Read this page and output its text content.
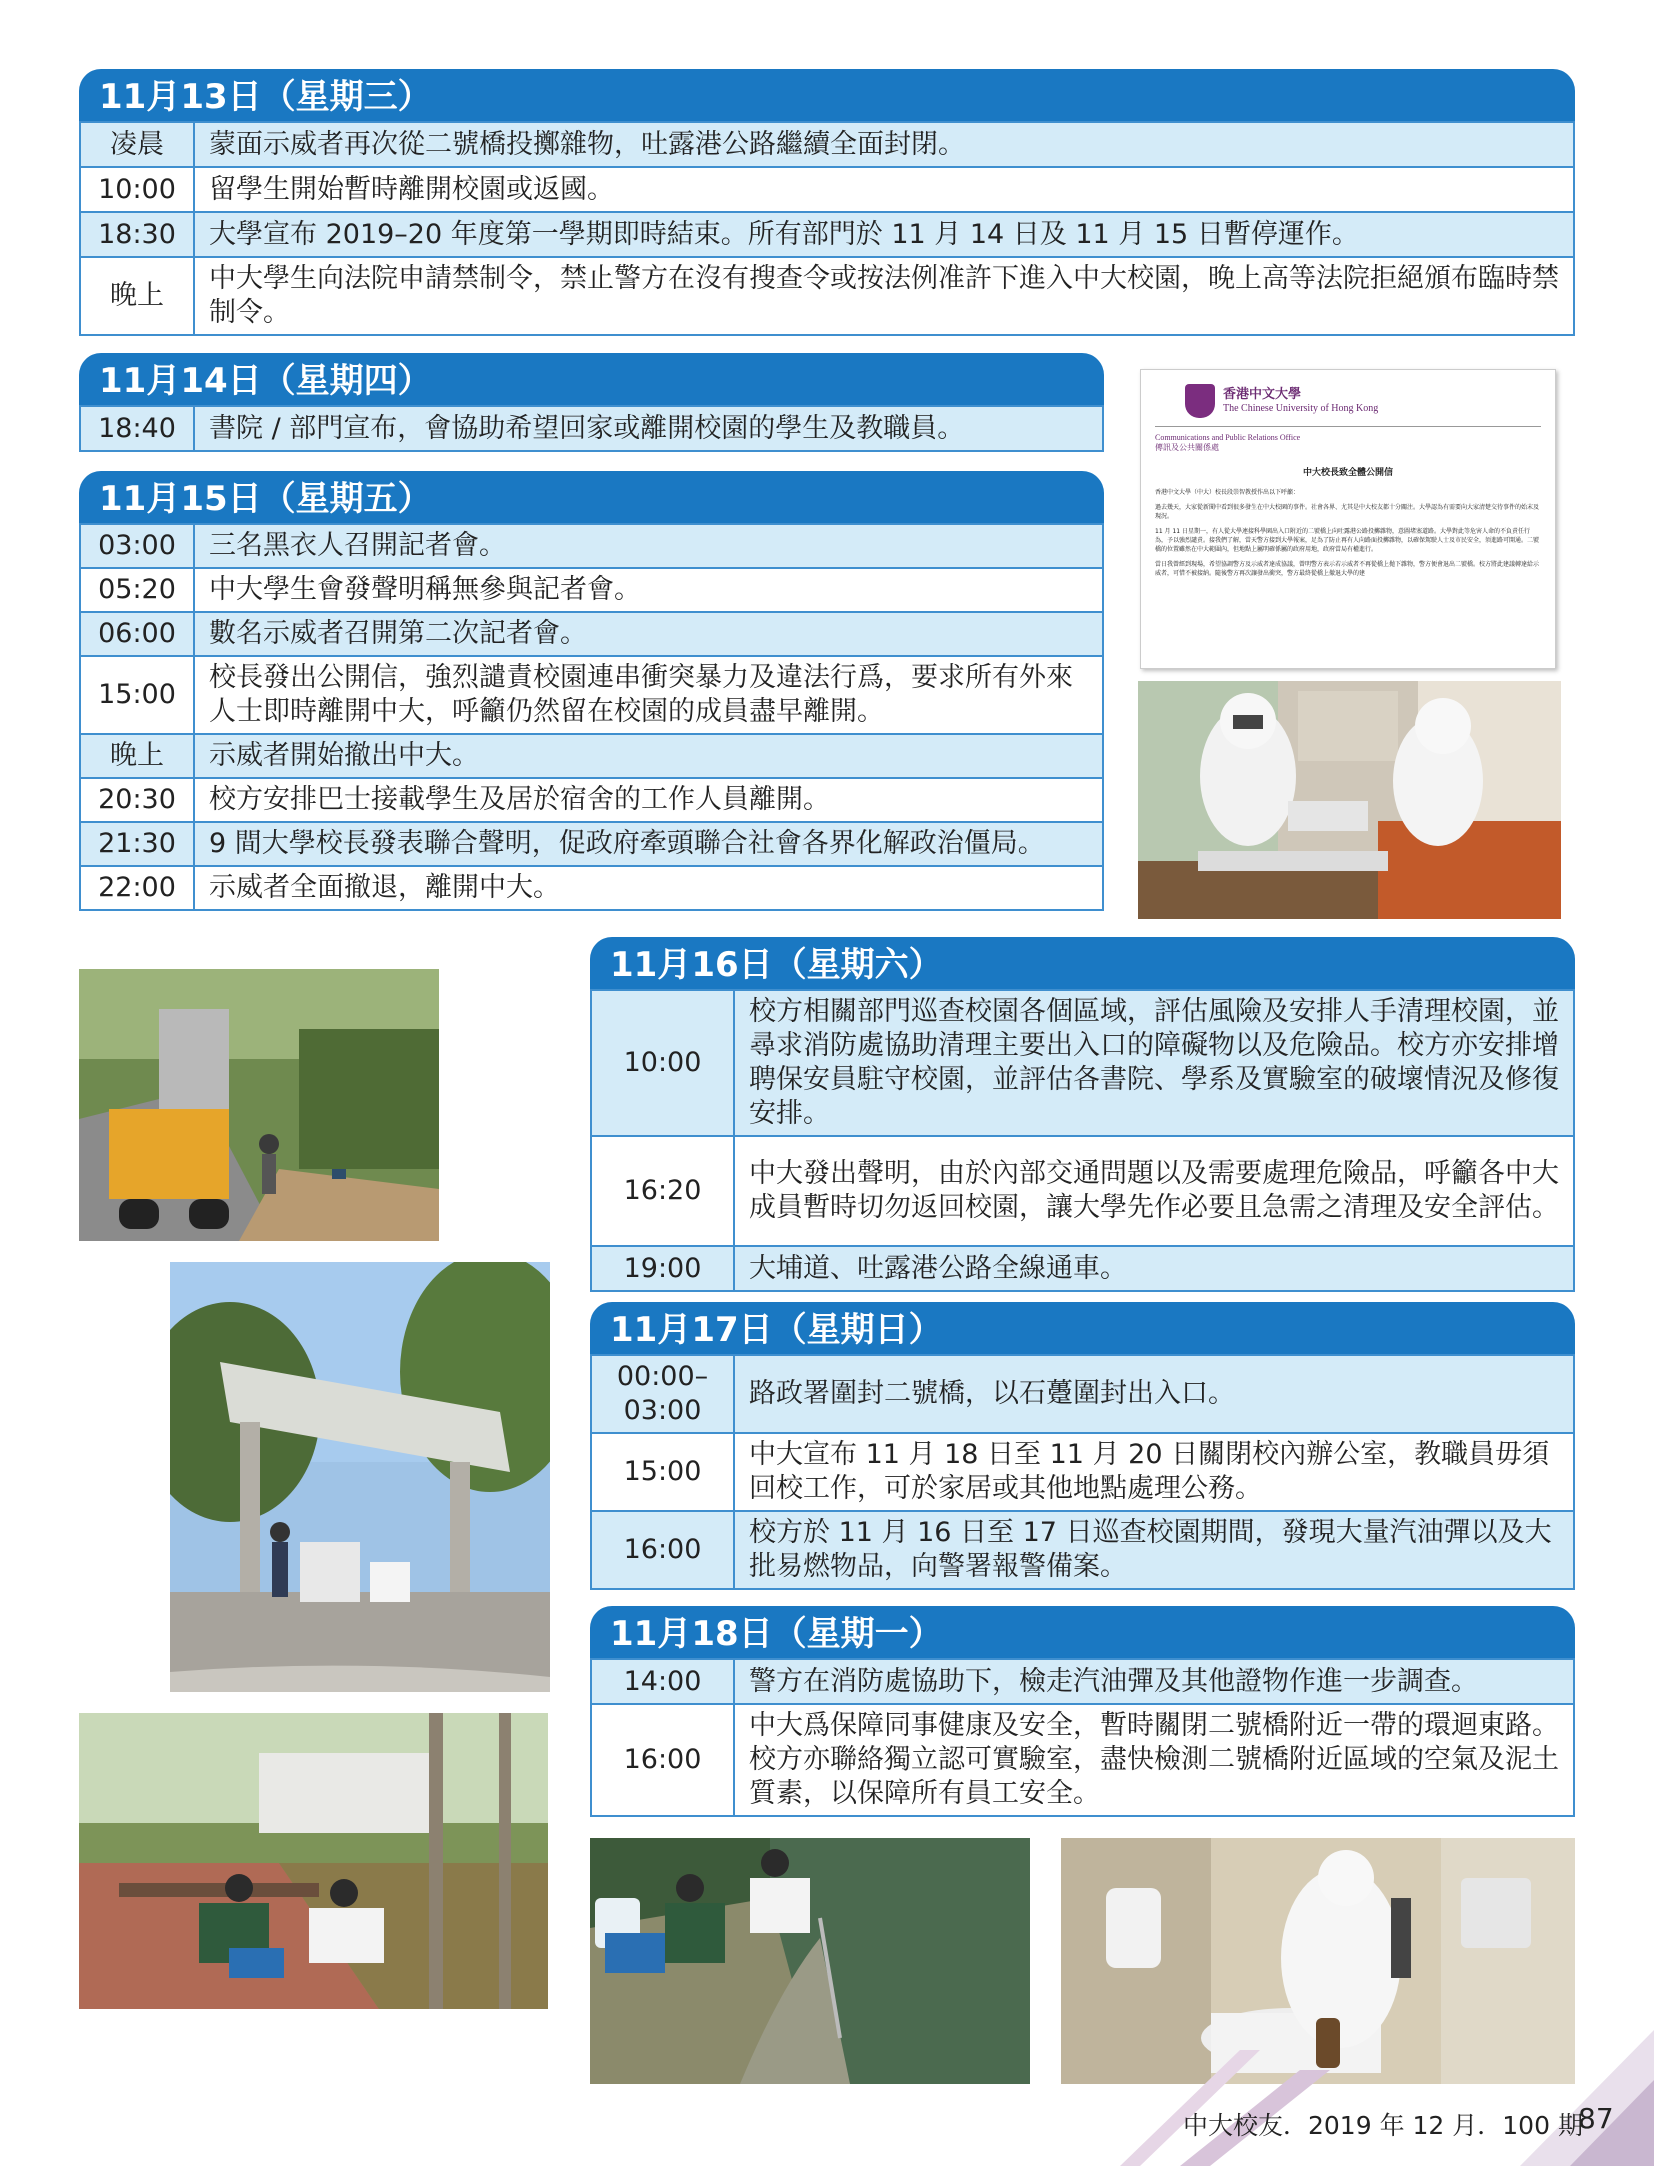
11月13日（星期三）
凌晨	蒙面示威者再次從二號橋投擲雜物，吐露港公路繼續全面封閉。
10:00	留學生開始暫時離開校園或返國。
18:30	大學宣布 2019–20 年度第一學期即時結束。所有部門於 11 月 14 日及 11 月 15 日暫停運作。
晚上	中大學生向法院申請禁制令，禁止警方在沒有搜查令或按法例准許下進入中大校園，晚上高等法院拒絕頒布臨時禁制令。
11月14日（星期四）
18:40	書院 / 部門宣布，會協助希望回家或離開校園的學生及教職員。
11月15日（星期五）
03:00	三名黑衣人召開記者會。
05:20	中大學生會發聲明稱無參與記者會。
06:00	數名示威者召開第二次記者會。
15:00	校長發出公開信，強烈譴責校園連串衝突暴力及違法行爲，要求所有外來人士即時離開中大，呼籲仍然留在校園的成員盡早離開。
晚上	示威者開始撤出中大。
20:30	校方安排巴士接載學生及居於宿舍的工作人員離開。
21:30	9 間大學校長發表聯合聲明，促政府牽頭聯合社會各界化解政治僵局。
22:00	示威者全面撤退，離開中大。
香港中文大學
The Chinese University of Hong Kong
Communications and Public Relations Office
傳訊及公共關係處
中大校長致全體公開信
香港中文大學（中大）校長段崇智教授作出以下呼籲：
過去幾天，大家從新聞中看到很多發生在中大校園的事件。社會各界、尤其是中大校友都十分關注。大學認為有需要向大家清楚交待事件的始末及現況。
11 月 11 日星期一，有人從大學連接科學園出入口附近的二號橋上向吐露港公路投擲雜物，意圖堵塞道路。大學對此等危害人命的不負責任行為，予以強烈譴責。接我們了解，當天警方接到大學報案，足為了防止再有人向路面投擲雜物，以確保駕駛人士及市民安全，須進路可開通。二號橋的位置雖然在中大範圍內，但地點上屬明確係屬的政府用地，政府當局有權進行。
當日我曾經到現場，希望協調警方及示威者達成協議，曾明警方表示若示威者不再從橋上拋下雜物，警方便會退出二號橋。校方將此建議轉達給示威者，可惜不被接納。隨後警方再次讓發出衝突，警方最終從橋上撤退大學的建
11月16日（星期六）
10:00	校方相關部門巡查校園各個區域，評估風險及安排人手清理校園，並尋求消防處協助清理主要出入口的障礙物以及危險品。校方亦安排增聘保安員駐守校園，並評估各書院、學系及實驗室的破壞情況及修復安排。
16:20	中大發出聲明，由於內部交通問題以及需要處理危險品，呼籲各中大成員暫時切勿返回校園，讓大學先作必要且急需之清理及安全評估。
19:00	大埔道、吐露港公路全線通車。
11月17日（星期日）
00:00–
03:00	路政署圍封二號橋，以石躉圍封出入口。
15:00	中大宣布 11 月 18 日至 11 月 20 日關閉校內辦公室，教職員毋須回校工作，可於家居或其他地點處理公務。
16:00	校方於 11 月 16 日至 17 日巡查校園期間，發現大量汽油彈以及大批易燃物品，向警署報警備案。
11月18日（星期一）
14:00	警方在消防處協助下，檢走汽油彈及其他證物作進一步調查。
16:00	中大爲保障同事健康及安全，暫時關閉二號橋附近一帶的環迴東路。校方亦聯絡獨立認可實驗室，盡快檢測二號橋附近區域的空氣及泥土質素，以保障所有員工安全。
中大校友．2019 年 12 月．100 期
87
